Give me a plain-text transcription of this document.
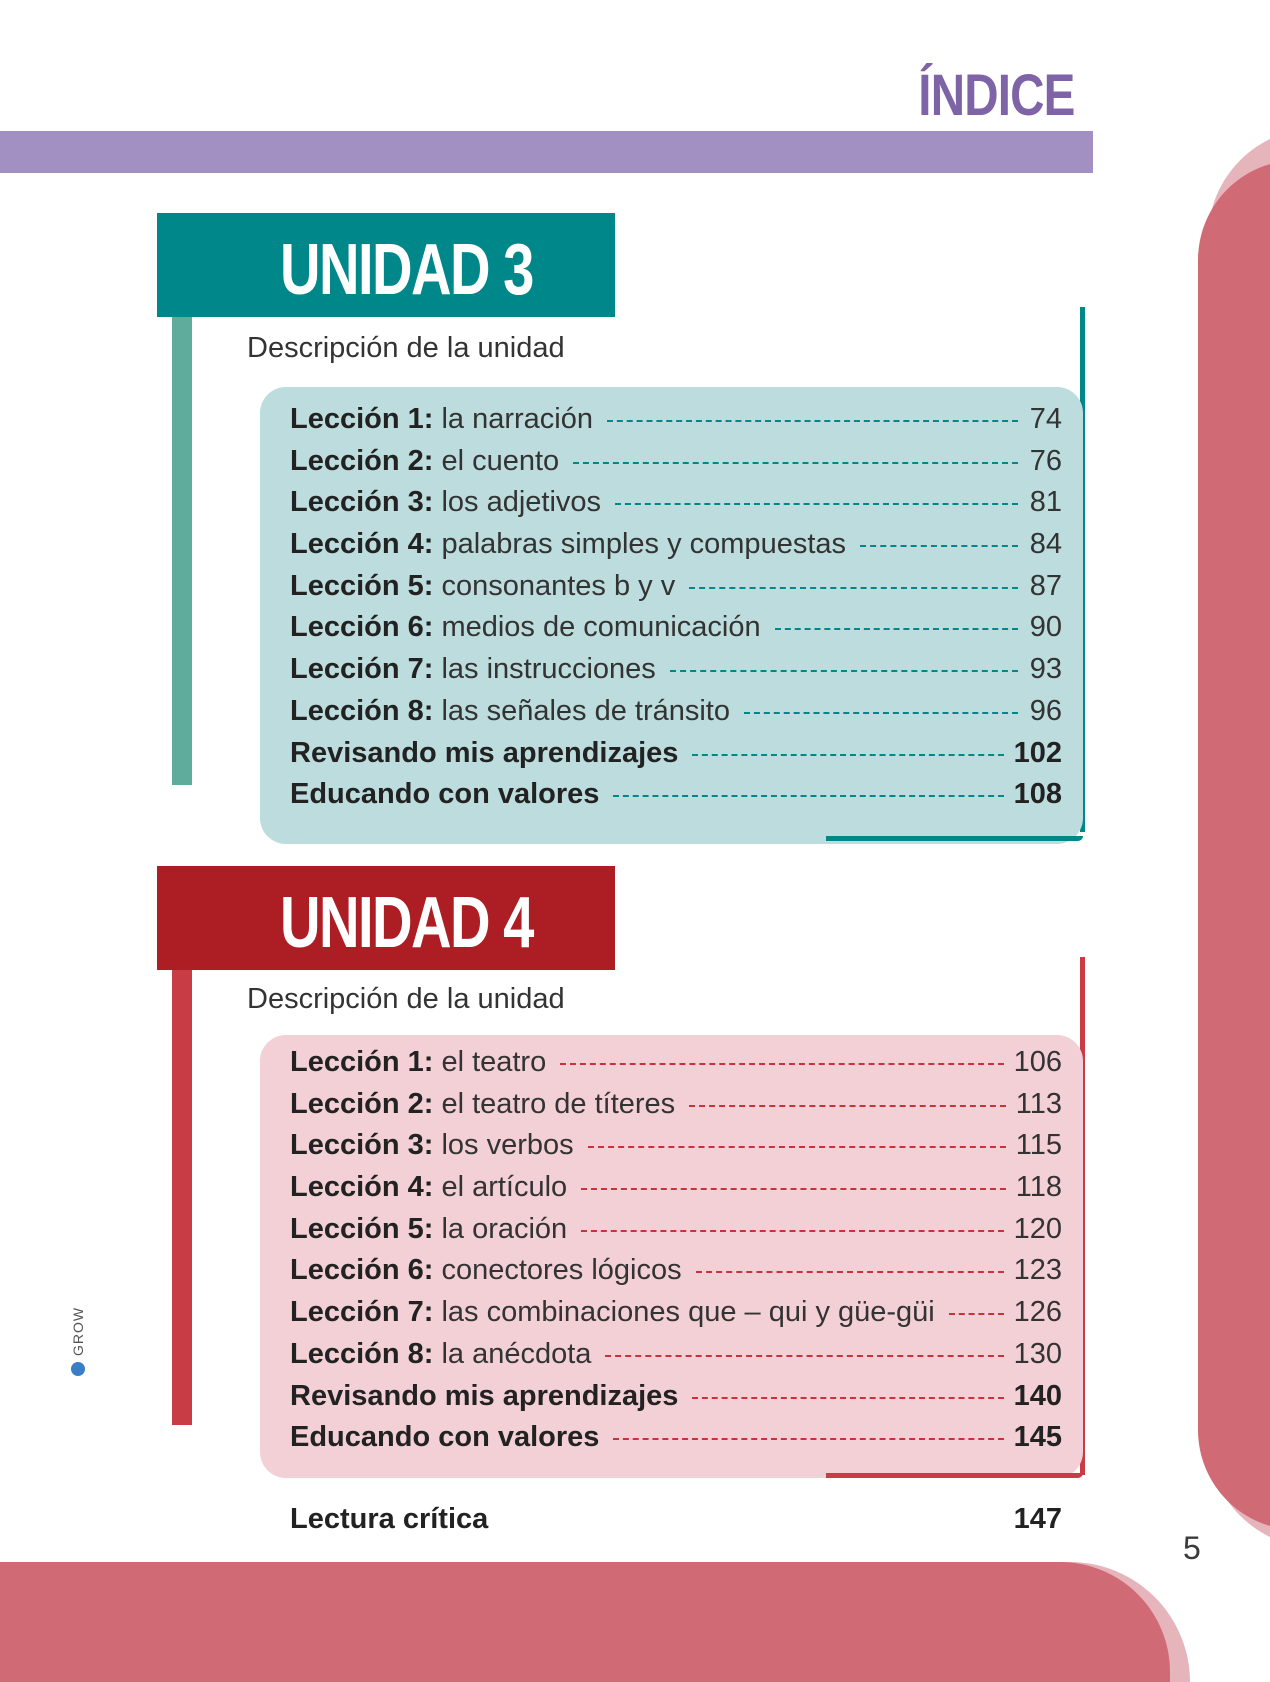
ÍNDICE
UNIDAD 3
Descripción de la unidad
Lección 1: la narración	74
Lección 2: el cuento	76
Lección 3: los adjetivos	81
Lección 4: palabras simples y compuestas	84
Lección 5: consonantes b y v	87
Lección 6: medios de comunicación	90
Lección 7: las instrucciones	93
Lección 8: las señales de tránsito	96
Revisando mis aprendizajes	102
Educando con valores	108
UNIDAD 4
Descripción de la unidad
Lección 1: el teatro	106
Lección 2: el teatro de títeres	113
Lección 3: los verbos	115
Lección 4: el artículo	118
Lección 5: la oración	120
Lección 6: conectores lógicos	123
Lección 7: las combinaciones que – qui y güe-güi	126
Lección 8: la anécdota	130
Revisando mis aprendizajes	140
Educando con valores	145
Lectura crítica	147
GROW
5
